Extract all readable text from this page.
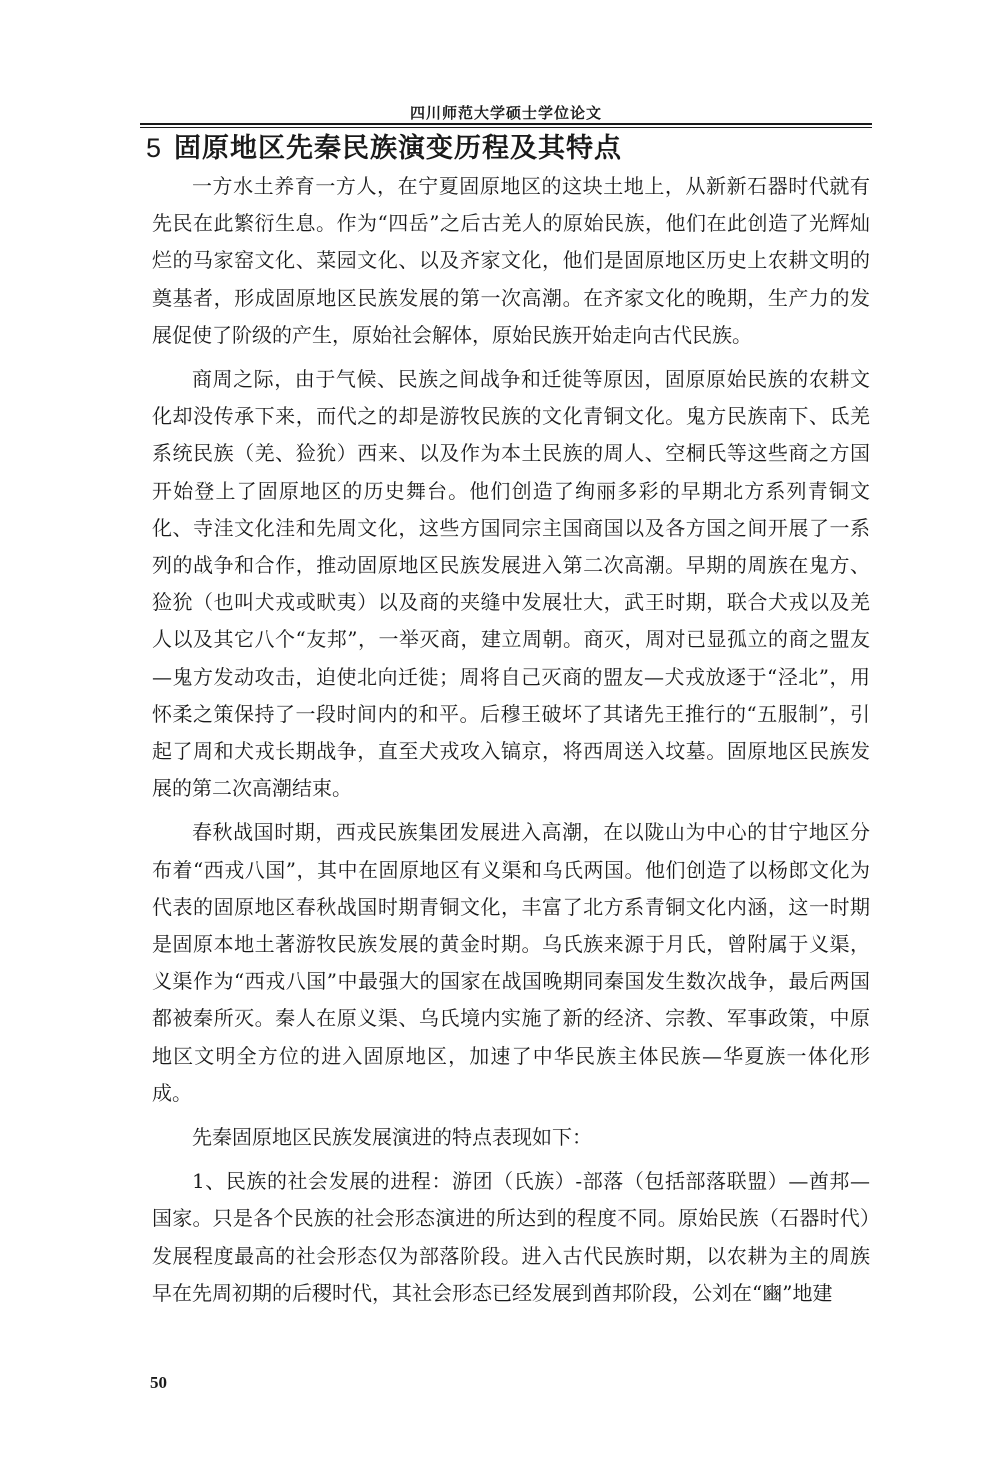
四川师范大学硕士学位论文
5 固原地区先秦民族演变历程及其特点

一方水土养育一方人，在宁夏固原地区的这块土地上，从新新石器时代就有先民在此繁衍生息。作为“四岳”之后古羌人的原始民族，他们在此创造了光辉灿烂的马家窑文化、菜园文化、以及齐家文化，他们是固原地区历史上农耕文明的奠基者，形成固原地区民族发展的第一次高潮。在齐家文化的晚期，生产力的发展促使了阶级的产生，原始社会解体，原始民族开始走向古代民族。

商周之际，由于气候、民族之间战争和迁徙等原因，固原原始民族的农耕文化却没传承下来，而代之的却是游牧民族的文化青铜文化。鬼方民族南下、氐羌系统民族（羌、猃狁）西来、以及作为本土民族的周人、空桐氏等这些商之方国开始登上了固原地区的历史舞台。他们创造了绚丽多彩的早期北方系列青铜文化、寺洼文化洼和先周文化，这些方国同宗主国商国以及各方国之间开展了一系列的战争和合作，推动固原地区民族发展进入第二次高潮。早期的周族在鬼方、猃狁（也叫犬戎或畎夷）以及商的夹缝中发展壮大，武王时期，联合犬戎以及羌人以及其它八个“友邦”，一举灭商，建立周朝。商灭，周对已显孤立的商之盟友—鬼方发动攻击，迫使北向迁徙；周将自己灭商的盟友—犬戎放逐于“泾北”，用怀柔之策保持了一段时间内的和平。后穆王破坏了其诸先王推行的“五服制”，引起了周和犬戎长期战争，直至犬戎攻入镐京，将西周送入坟墓。固原地区民族发展的第二次高潮结束。

春秋战国时期，西戎民族集团发展进入高潮，在以陇山为中心的甘宁地区分布着“西戎八国”，其中在固原地区有义渠和乌氏两国。他们创造了以杨郎文化为代表的固原地区春秋战国时期青铜文化，丰富了北方系青铜文化内涵，这一时期是固原本地土著游牧民族发展的黄金时期。乌氏族来源于月氏，曾附属于义渠，义渠作为“西戎八国”中最强大的国家在战国晚期同秦国发生数次战争，最后两国都被秦所灭。秦人在原义渠、乌氏境内实施了新的经济、宗教、军事政策，中原地区文明全方位的进入固原地区，加速了中华民族主体民族—华夏族一体化形成。

先秦固原地区民族发展演进的特点表现如下：

1、民族的社会发展的进程：游团（氏族）-部落（包括部落联盟）—酋邦—国家。只是各个民族的社会形态演进的所达到的程度不同。原始民族（石器时代）发展程度最高的社会形态仅为部落阶段。进入古代民族时期，以农耕为主的周族早在先周初期的后稷时代，其社会形态已经发展到酋邦阶段，公刘在“豳”地建

50
